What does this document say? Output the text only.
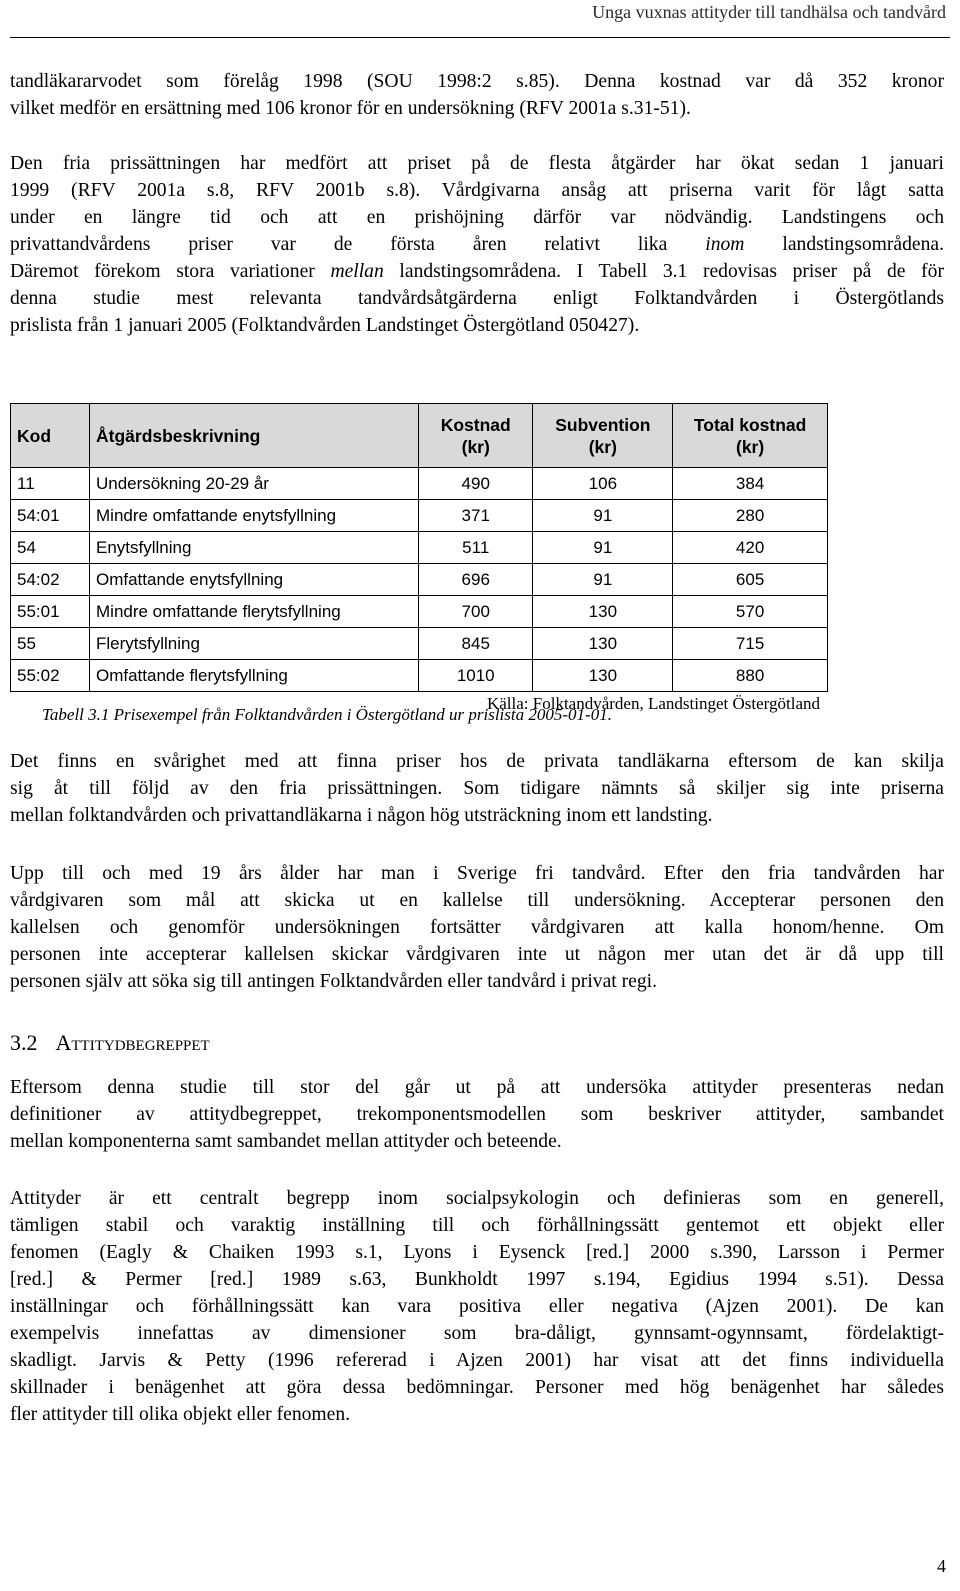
Unga vuxnas attityder till tandhälsa och tandvård

tandläkararvodet som förelåg 1998 (SOU 1998:2 s.85). Denna kostnad var då 352 kronor
vilket medför en ersättning med 106 kronor för en undersökning (RFV 2001a s.31-51).

Den fria prissättningen har medfört att priset på de flesta åtgärder har ökat sedan 1 januari
1999 (RFV 2001a s.8, RFV 2001b s.8). Vårdgivarna ansåg att priserna varit för lågt satta
under en längre tid och att en prishöjning därför var nödvändig. Landstingens och
privattandvårdens priser var de första åren relativt lika inom landstingsområdena.
Däremot förekom stora variationer mellan landstingsområdena. I Tabell 3.1 redovisas priser på de för
denna studie mest relevanta tandvårdsåtgärderna enligt Folktandvården i Östergötlands
prislista från 1 januari 2005 (Folktandvården Landstinget Östergötland 050427).

Tabell 3.1 Prisexempel från Folktandvården i Östergötland ur prislista 2005-01-01.

Kod	Åtgärdsbeskrivning	Kostnad (kr)	Subvention (kr)	Total kostnad (kr)
11	Undersökning 20-29 år	490	106	384
54:01	Mindre omfattande enytsfyllning	371	91	280
54	Enytsfyllning	511	91	420
54:02	Omfattande enytsfyllning	696	91	605
55:01	Mindre omfattande flerytsfyllning	700	130	570
55	Flerytsfyllning	845	130	715
55:02	Omfattande flerytsfyllning	1010	130	880

Källa: Folktandvården, Landstinget Östergötland

Det finns en svårighet med att finna priser hos de privata tandläkarna eftersom de kan skilja
sig åt till följd av den fria prissättningen. Som tidigare nämnts så skiljer sig inte priserna
mellan folktandvården och privattandläkarna i någon hög utsträckning inom ett landsting.

Upp till och med 19 års ålder har man i Sverige fri tandvård. Efter den fria tandvården har
vårdgivaren som mål att skicka ut en kallelse till undersökning. Accepterar personen den
kallelsen och genomför undersökningen fortsätter vårdgivaren att kalla honom/henne. Om
personen inte accepterar kallelsen skickar vårdgivaren inte ut någon mer utan det är då upp till
personen själv att söka sig till antingen Folktandvården eller tandvård i privat regi.

3.2 Attitydbegreppet

Eftersom denna studie till stor del går ut på att undersöka attityder presenteras nedan
definitioner av attitydbegreppet, trekomponentsmodellen som beskriver attityder, sambandet
mellan komponenterna samt sambandet mellan attityder och beteende.

Attityder är ett centralt begrepp inom socialpsykologin och definieras som en generell,
tämligen stabil och varaktig inställning till och förhållningssätt gentemot ett objekt eller
fenomen (Eagly & Chaiken 1993 s.1, Lyons i Eysenck [red.] 2000 s.390, Larsson i Permer
[red.] & Permer [red.] 1989 s.63, Bunkholdt 1997 s.194, Egidius 1994 s.51). Dessa
inställningar och förhållningssätt kan vara positiva eller negativa (Ajzen 2001). De kan
exempelvis innefattas av dimensioner som bra-dåligt, gynnsamt-ogynnsamt, fördelaktigt-
skadligt. Jarvis & Petty (1996 refererad i Ajzen 2001) har visat att det finns individuella
skillnader i benägenhet att göra dessa bedömningar. Personer med hög benägenhet har således
fler attityder till olika objekt eller fenomen.

4
